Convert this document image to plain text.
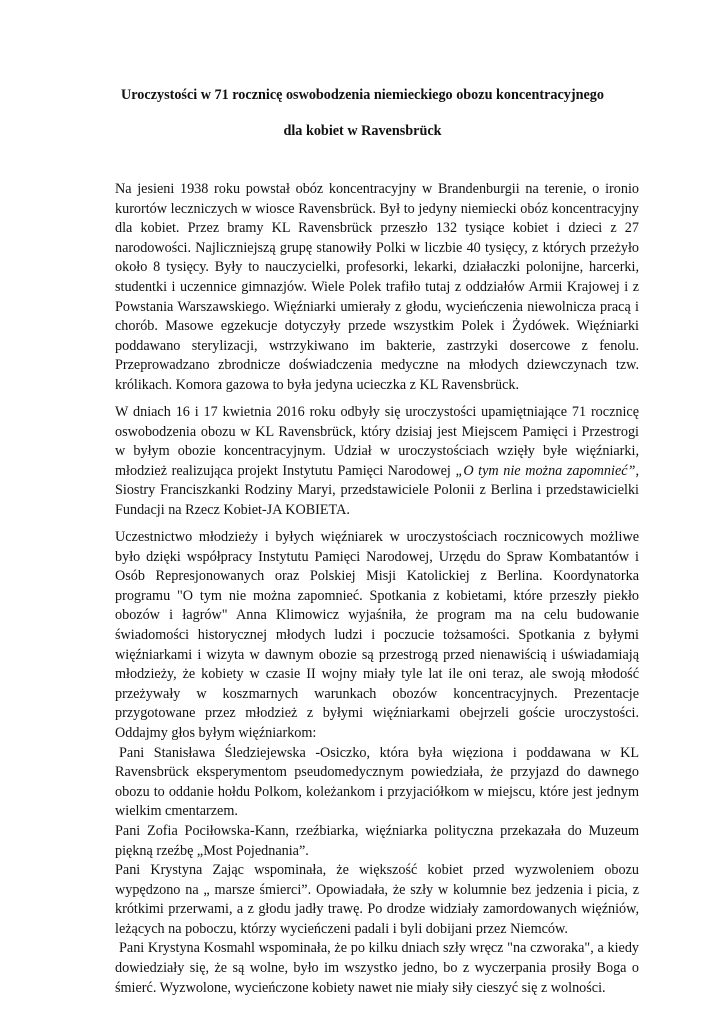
Uroczystości w 71 rocznicę oswobodzenia niemieckiego obozu koncentracyjnego
dla kobiet w Ravensbrück

Na jesieni 1938 roku powstał obóz koncentracyjny w Brandenburgii na terenie, o ironio kurortów leczniczych w wiosce Ravensbrück. Był to jedyny niemiecki obóz koncentracyjny dla kobiet. Przez bramy KL Ravensbrück przeszło 132 tysiące kobiet i dzieci z 27 narodowości. Najliczniejszą grupę stanowiły Polki w liczbie 40 tysięcy, z których przeżyło około 8 tysięcy. Były to nauczycielki, profesorki, lekarki, działaczki polonijne, harcerki, studentki i uczennice gimnazjów. Wiele Polek trafiło tutaj z oddziałów Armii Krajowej i z Powstania Warszawskiego. Więźniarki umierały z głodu, wycieńczenia niewolnicza pracą i chorób. Masowe egzekucje dotyczyły przede wszystkim Polek i Żydówek. Więźniarki poddawano sterylizacji, wstrzykiwano im bakterie, zastrzyki dosercowe z fenolu. Przeprowadzano zbrodnicze doświadczenia medyczne na młodych dziewczynach tzw. królikach. Komora gazowa to była jedyna ucieczka z KL Ravensbrück.

W dniach 16 i 17 kwietnia 2016 roku odbyły się uroczystości upamiętniające 71 rocznicę oswobodzenia obozu w KL Ravensbrück, który dzisiaj jest Miejscem Pamięci i Przestrogi w byłym obozie koncentracyjnym. Udział w uroczystościach wzięły byłe więźniarki, młodzież realizująca projekt Instytutu Pamięci Narodowej „O tym nie można zapomnieć”, Siostry Franciszkanki Rodziny Maryi, przedstawiciele Polonii z Berlina i przedstawicielki Fundacji na Rzecz Kobiet-JA KOBIETA.

Uczestnictwo młodzieży i byłych więźniarek w uroczystościach rocznicowych możliwe było dzięki współpracy Instytutu Pamięci Narodowej, Urzędu do Spraw Kombatantów i Osób Represjonowanych oraz Polskiej Misji Katolickiej z Berlina. Koordynatorka programu "O tym nie można zapomnieć. Spotkania z kobietami, które przeszły piekło obozów i łagrów" Anna Klimowicz wyjaśniła, że program ma na celu budowanie świadomości historycznej młodych ludzi i poczucie tożsamości. Spotkania z byłymi więźniarkami i wizyta w dawnym obozie są przestrogą przed nienawiścią i uświadamiają młodzieży, że kobiety w czasie II wojny miały tyle lat ile oni teraz, ale swoją młodość przeżywały w koszmarnych warunkach obozów koncentracyjnych. Prezentacje przygotowane przez młodzież z byłymi więźniarkami obejrzeli goście uroczystości. Oddajmy głos byłym więźniarkom:

Pani Stanisława Śledziejewska -Osiczko, która była więziona i poddawana w KL Ravensbrück eksperymentom pseudomedycznym powiedziała, że przyjazd do dawnego obozu to oddanie hołdu Polkom, koleżankom i przyjaciółkom w miejscu, które jest jednym wielkim cmentarzem.

Pani Zofia Pociłowska-Kann, rzeźbiarka, więźniarka polityczna przekazała do Muzeum piękną rzeźbę „Most Pojednania”.

Pani Krystyna Zając wspominała, że większość kobiet przed wyzwoleniem obozu wypędzono na „ marsze śmierci”. Opowiadała, że szły w kolumnie bez jedzenia i picia, z krótkimi przerwami, a z głodu jadły trawę. Po drodze widziały zamordowanych więźniów, leżących na poboczu, którzy wycieńczeni padali i byli dobijani przez Niemców.

Pani Krystyna Kosmahl wspominała, że po kilku dniach szły wręcz "na czworaka", a kiedy dowiedziały się, że są wolne, było im wszystko jedno, bo z wyczerpania prosiły Boga o śmierć. Wyzwolone, wycieńczone kobiety nawet nie miały siły cieszyć się z wolności.
